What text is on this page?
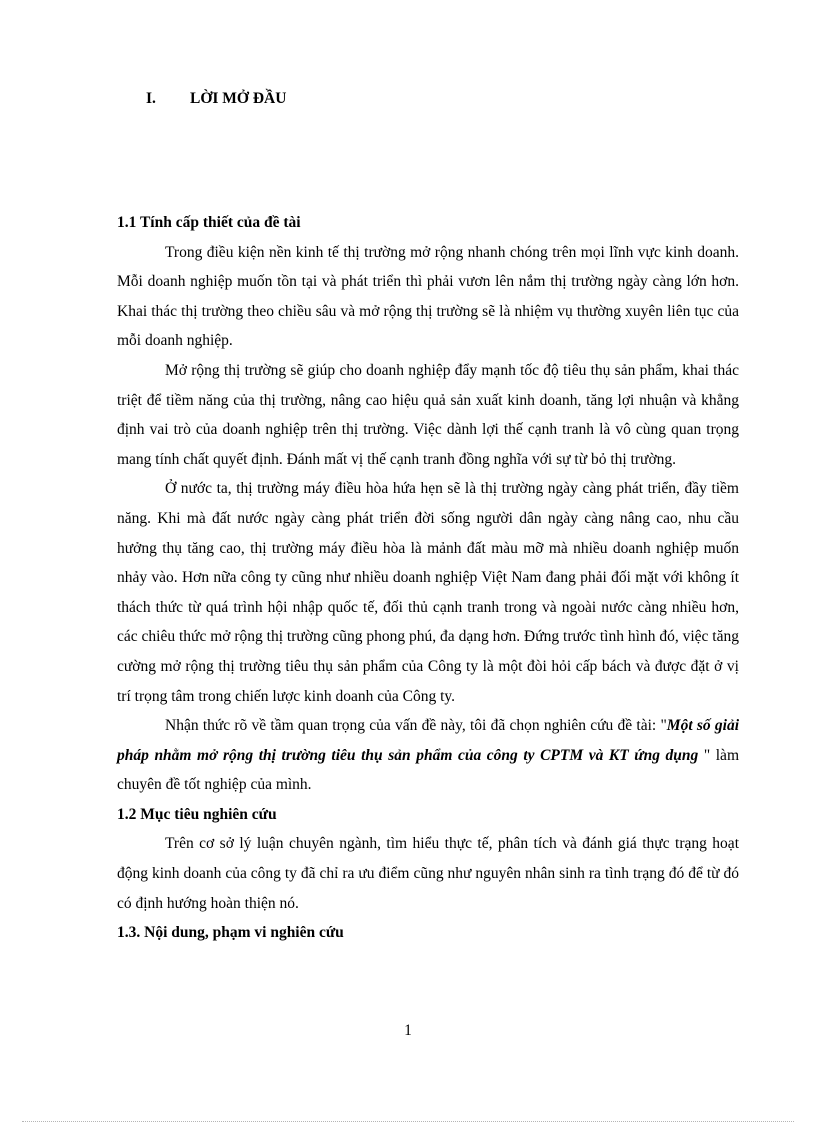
I. LỜI MỞ ĐẦU
1.1 Tính cấp thiết của đề tài

Trong điều kiện nền kinh tế thị trường mở rộng nhanh chóng trên mọi lĩnh vực kinh doanh. Mỗi doanh nghiệp muốn tồn tại và phát triển thì phải vươn lên nắm thị trường ngày càng lớn hơn. Khai thác thị trường theo chiều sâu và mở rộng thị trường sẽ là nhiệm vụ thường xuyên liên tục của mỗi doanh nghiệp.

Mở rộng thị trường sẽ giúp cho doanh nghiệp đẩy mạnh tốc độ tiêu thụ sản phẩm, khai thác triệt để tiềm năng của thị trường, nâng cao hiệu quả sản xuất kinh doanh, tăng lợi nhuận và khẳng định vai trò của doanh nghiệp trên thị trường. Việc dành lợi thế cạnh tranh là vô cùng quan trọng mang tính chất quyết định. Đánh mất vị thế cạnh tranh đồng nghĩa với sự từ bỏ thị trường.

Ở nước ta, thị trường máy điều hòa hứa hẹn sẽ là thị trường ngày càng phát triển, đầy tiềm năng. Khi mà đất nước ngày càng phát triển đời sống người dân ngày càng nâng cao, nhu cầu hưởng thụ tăng cao, thị trường máy điều hòa là mảnh đất màu mỡ mà nhiều doanh nghiệp muốn nhảy vào. Hơn nữa công ty cũng như nhiều doanh nghiệp Việt Nam đang phải đối mặt với không ít thách thức từ quá trình hội nhập quốc tế, đối thủ cạnh tranh trong và ngoài nước càng nhiều hơn, các chiêu thức mở rộng thị trường cũng phong phú, đa dạng hơn. Đứng trước tình hình đó, việc tăng cường mở rộng thị trường tiêu thụ sản phẩm của Công ty là một đòi hỏi cấp bách và được đặt ở vị trí trọng tâm trong chiến lược kinh doanh của Công ty.

Nhận thức rõ về tầm quan trọng của vấn đề này, tôi đã chọn nghiên cứu đề tài: "Một số giải pháp nhằm mở rộng thị trường tiêu thụ sản phẩm của công ty CPTM và KT ứng dụng " làm chuyên đề tốt nghiệp của mình.

1.2 Mục tiêu nghiên cứu

Trên cơ sở lý luận chuyên ngành, tìm hiểu thực tế, phân tích và đánh giá thực trạng hoạt động kinh doanh của công ty đã chỉ ra ưu điểm cũng như nguyên nhân sinh ra tình trạng đó để từ đó có định hướng hoàn thiện nó.

1.3. Nội dung, phạm vi nghiên cứu
1
